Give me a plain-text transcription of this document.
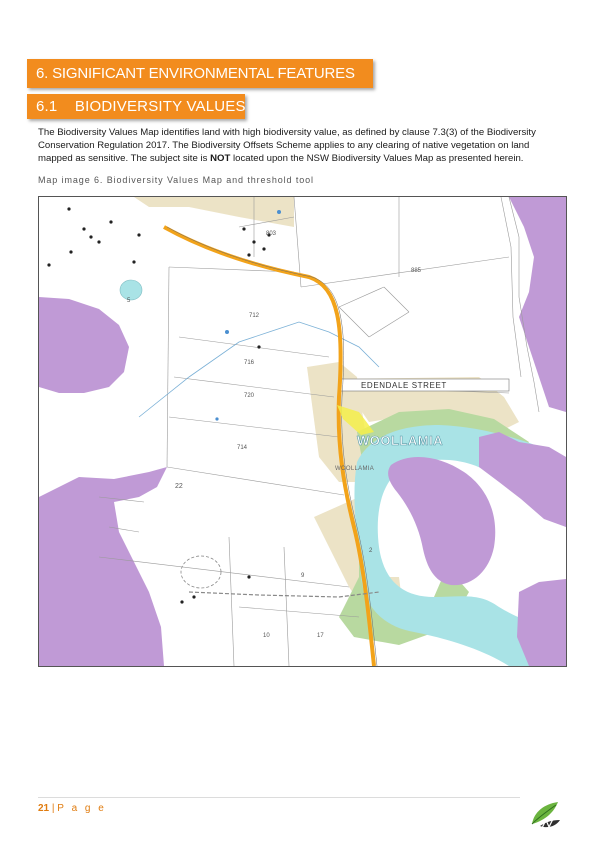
6. SIGNIFICANT ENVIRONMENTAL FEATURES
6.1    BIODIVERSITY VALUES
The Biodiversity Values Map identifies land with high biodiversity value, as defined by clause 7.3(3) of the Biodiversity Conservation Regulation 2017. The Biodiversity Offsets Scheme applies to any clearing of native vegetation on land mapped as sensitive. The subject site is NOT located upon the NSW Biodiversity Values Map as presented herein.
Map image 6. Biodiversity Values Map and threshold tool
EDENDALE STREET
803
885
712
716
720
714
22
9
10	17
2
5
WOOLLAMIA
WOOLLAMIA
21 | P a g e
